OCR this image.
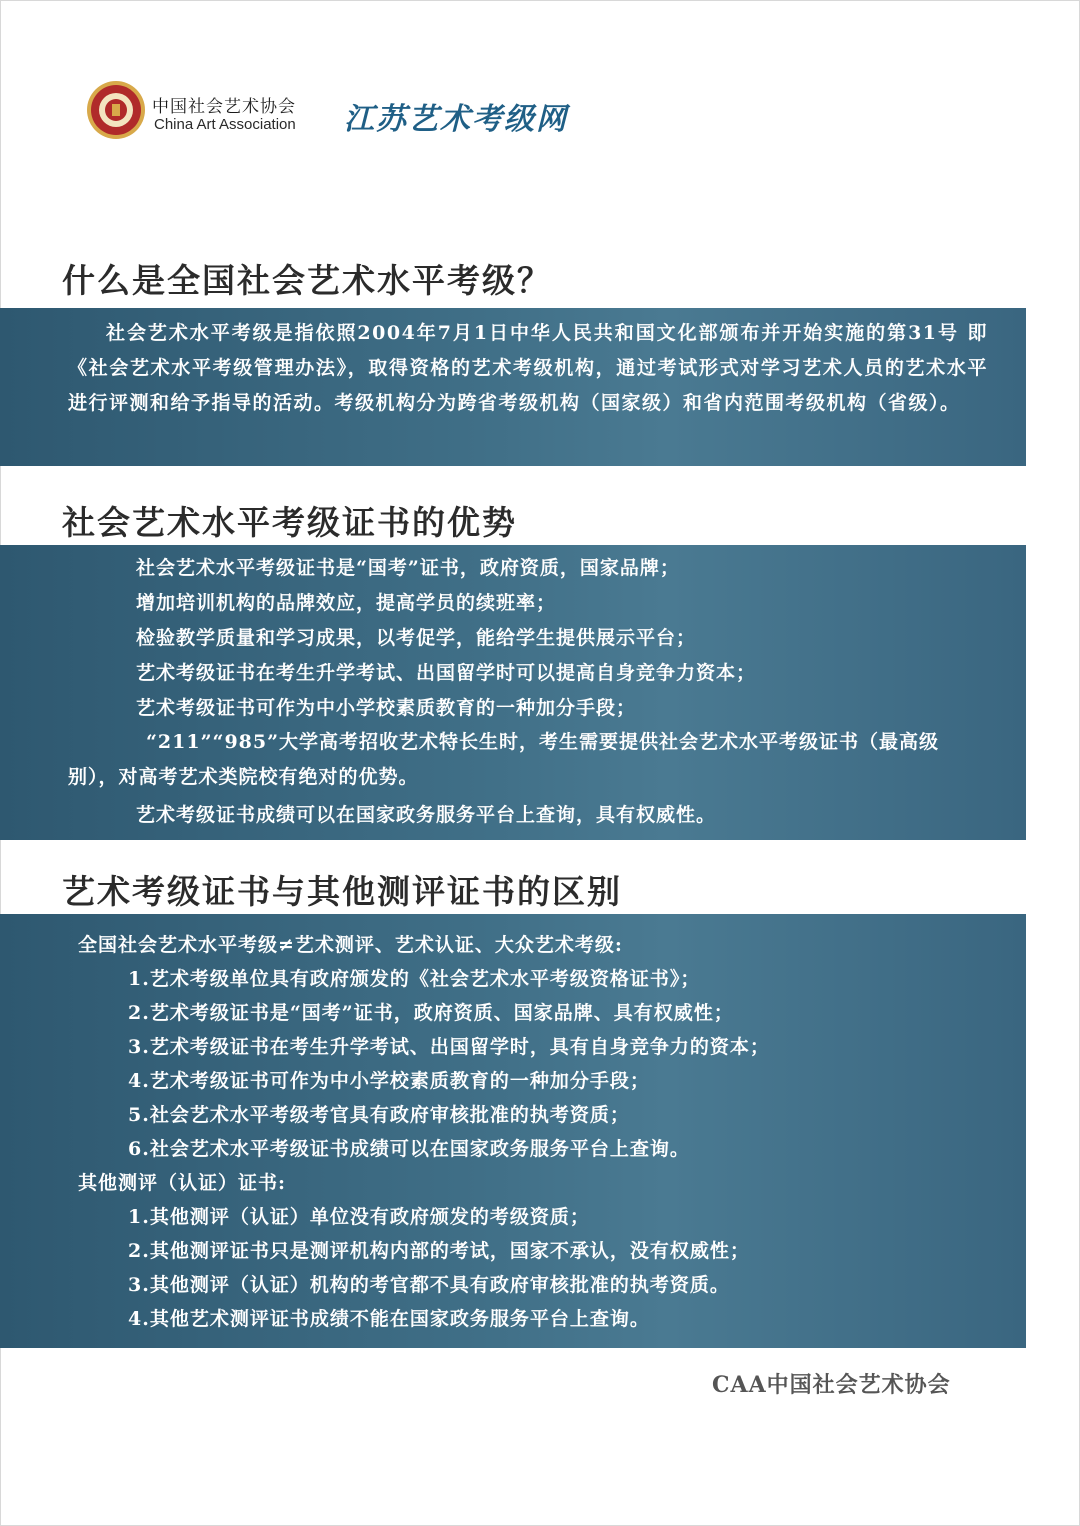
中国社会艺术协会
China Art Association 江苏艺术考级网
什么是全国社会艺术水平考级？
社会艺术水平考级是指依照2004年7月1日中华人民共和国文化部颁布并开始实施的第31号 即《社会艺术水平考级管理办法》，取得资格的艺术考级机构，通过考试形式对学习艺术人员的艺术水平进行评测和给予指导的活动。考级机构分为跨省考级机构（国家级）和省内范围考级机构（省级）。
社会艺术水平考级证书的优势
社会艺术水平考级证书是“国考”证书，政府资质，国家品牌；
增加培训机构的品牌效应，提高学员的续班率；
检验教学质量和学习成果，以考促学，能给学生提供展示平台；
艺术考级证书在考生升学考试、出国留学时可以提高自身竞争力资本；
艺术考级证书可作为中小学校素质教育的一种加分手段；
“211”“985”大学高考招收艺术特长生时，考生需要提供社会艺术水平考级证书（最高级别），对高考艺术类院校有绝对的优势。
艺术考级证书成绩可以在国家政务服务平台上查询，具有权威性。
艺术考级证书与其他测评证书的区别
全国社会艺术水平考级≠艺术测评、艺术认证、大众艺术考级:
1.艺术考级单位具有政府颁发的《社会艺术水平考级资格证书》；
2.艺术考级证书是“国考”证书，政府资质、国家品牌、具有权威性；
3.艺术考级证书在考生升学考试、出国留学时，具有自身竞争力的资本；
4.艺术考级证书可作为中小学校素质教育的一种加分手段；
5.社会艺术水平考级考官具有政府审核批准的执考资质；
6.社会艺术水平考级证书成绩可以在国家政务服务平台上查询。
其他测评（认证）证书:
1.其他测评（认证）单位没有政府颁发的考级资质；
2.其他测评证书只是测评机构内部的考试，国家不承认，没有权威性；
3.其他测评（认证）机构的考官都不具有政府审核批准的执考资质。
4.其他艺术测评证书成绩不能在国家政务服务平台上查询。
CAA中国社会艺术协会
